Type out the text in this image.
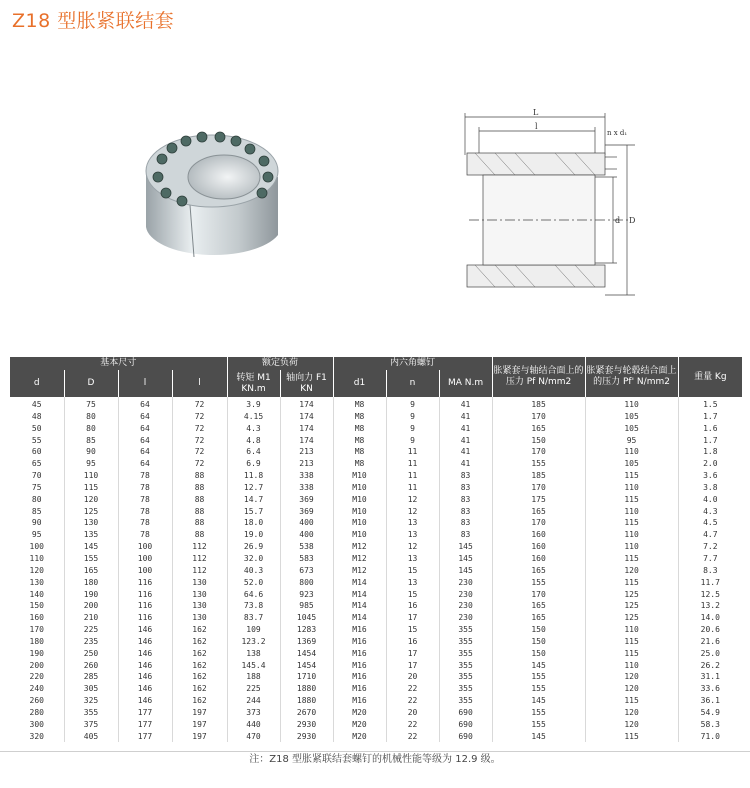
Z18 型胀紧联结套
L
l
n x d₁
d D
基本尺寸				额定负荷		内六角螺钉			胀紧套与轴结合面上的压力 Pf N/mm2	胀紧套与轮毂结合面上的压力 Pf' N/mm2	重量 Kg
d	D	l	l	转矩 M1 KN.m	轴向力 F1 KN	d1	n	MA N.m			
45	75	64	72	3.9	174	M8	9	41	185	110	1.5
48	80	64	72	4.15	174	M8	9	41	170	105	1.7
50	80	64	72	4.3	174	M8	9	41	165	105	1.6
55	85	64	72	4.8	174	M8	9	41	150	95	1.7
60	90	64	72	6.4	213	M8	11	41	170	110	1.8
65	95	64	72	6.9	213	M8	11	41	155	105	2.0
70	110	78	88	11.8	338	M10	11	83	185	115	3.6
75	115	78	88	12.7	338	M10	11	83	170	110	3.8
80	120	78	88	14.7	369	M10	12	83	175	115	4.0
85	125	78	88	15.7	369	M10	12	83	165	110	4.3
90	130	78	88	18.0	400	M10	13	83	170	115	4.5
95	135	78	88	19.0	400	M10	13	83	160	110	4.7
100	145	100	112	26.9	538	M12	12	145	160	110	7.2
110	155	100	112	32.0	583	M12	13	145	160	115	7.7
120	165	100	112	40.3	673	M12	15	145	165	120	8.3
130	180	116	130	52.0	800	M14	13	230	155	115	11.7
140	190	116	130	64.6	923	M14	15	230	170	125	12.5
150	200	116	130	73.8	985	M14	16	230	165	125	13.2
160	210	116	130	83.7	1045	M14	17	230	165	125	14.0
170	225	146	162	109	1283	M16	15	355	150	110	20.6
180	235	146	162	123.2	1369	M16	16	355	150	115	21.6
190	250	146	162	138	1454	M16	17	355	150	115	25.0
200	260	146	162	145.4	1454	M16	17	355	145	110	26.2
220	285	146	162	188	1710	M16	20	355	155	120	31.1
240	305	146	162	225	1880	M16	22	355	155	120	33.6
260	325	146	162	244	1880	M16	22	355	145	115	36.1
280	355	177	197	373	2670	M20	20	690	155	120	54.9
300	375	177	197	440	2930	M20	22	690	155	120	58.3
320	405	177	197	470	2930	M20	22	690	145	115	71.0
注：Z18 型胀紧联结套螺钉的机械性能等级为 12.9 级。
